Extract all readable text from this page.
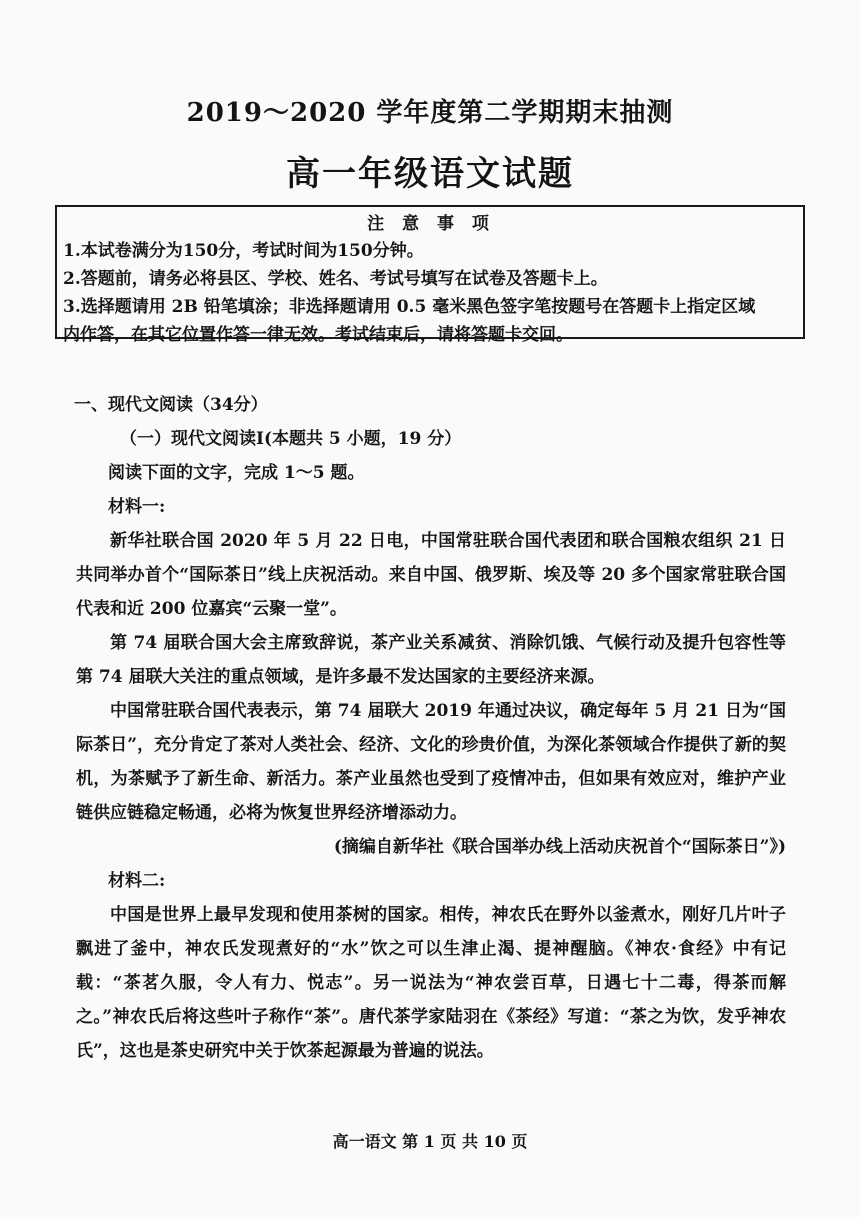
2019～2020 学年度第二学期期末抽测
高一年级语文试题
注 意 事 项
1.本试卷满分为150分，考试时间为150分钟。
2.答题前，请务必将县区、学校、姓名、考试号填写在试卷及答题卡上。
3.选择题请用 2B 铅笔填涂；非选择题请用 0.5 毫米黑色签字笔按题号在答题卡上指定区域
内作答，在其它位置作答一律无效。考试结束后，请将答题卡交回。
一、现代文阅读（34分）
（一）现代文阅读Ⅰ(本题共 5 小题，19 分）
阅读下面的文字，完成 1～5 题。
材料一:

新华社联合国 2020 年 5 月 22 日电，中国常驻联合国代表团和联合国粮农组织 21 日共同举办首个“国际茶日”线上庆祝活动。来自中国、俄罗斯、埃及等 20 多个国家常驻联合国代表和近 200 位嘉宾“云聚一堂”。

第 74 届联合国大会主席致辞说，茶产业关系减贫、消除饥饿、气候行动及提升包容性等第 74 届联大关注的重点领域，是许多最不发达国家的主要经济来源。

中国常驻联合国代表表示，第 74 届联大 2019 年通过决议，确定每年 5 月 21 日为“国际茶日”，充分肯定了茶对人类社会、经济、文化的珍贵价值，为深化茶领域合作提供了新的契机，为茶赋予了新生命、新活力。茶产业虽然也受到了疫情冲击，但如果有效应对，维护产业链供应链稳定畅通，必将为恢复世界经济增添动力。

(摘编自新华社《联合国举办线上活动庆祝首个“国际茶日”》)
材料二:

中国是世界上最早发现和使用茶树的国家。相传，神农氏在野外以釜煮水，刚好几片叶子飘进了釜中，神农氏发现煮好的“水”饮之可以生津止渴、提神醒脑。《神农·食经》中有记载：“茶茗久服，令人有力、悦志”。另一说法为“神农尝百草，日遇七十二毒，得茶而解之。”神农氏后将这些叶子称作“茶”。唐代茶学家陆羽在《茶经》写道：“茶之为饮，发乎神农氏”，这也是茶史研究中关于饮茶起源最为普遍的说法。

高一语文 第 1 页 共 10 页
